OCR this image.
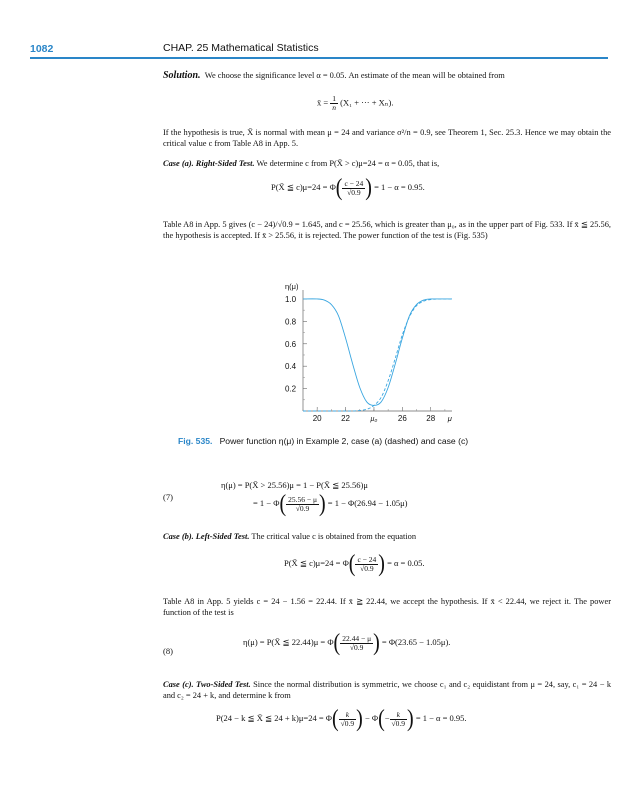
1082	CHAP. 25 Mathematical Statistics
Solution. We choose the significance level α = 0.05. An estimate of the mean will be obtained from
x̄ = $\frac{1}{n} (X_1$ + ··· + Xₙ).
If the hypothesis is true, X̄ is normal with mean μ = 24 and variance σ²/n = 0.9, see Theorem 1, Sec. 25.3. Hence we may obtain the critical value c from Table A8 in App. 5.
Case (a). Right-Sided Test. We determine c from P(X̄ > c)μ=24 = α = 0.05, that is,
P(X̄ ≦ $c)\mu=24 = \Phi( \frac{c - 24}{√0.9}$ ) = 1 − α = 0.95.
Table A8 in App. 5 gives (c − 24)/√0.9 = 1.645, and c = 25.56, which is greater than μ₀, as in the upper part of Fig. 533. If x̄ ≦ 25.56, the hypothesis is accepted. If x̄ > 25.56, it is rejected. The power function of the test is (Fig. 535)
1.0
0.8
0.6
0.4
0.2
η(μ)
20 22	26 28
μ₀	μ
Fig. 535. Power function η(μ) in Example 2, case (a) (dashed) and case (c)
(7)
η(μ) = P(X̄ > 25.56)μ = 1 − P(X̄ ≦ 25.56)μ
= $1 - \Phi( \frac{25.56 - \mu}{√0.9}$ ) = 1 − Φ(26.94 − 1.05μ)
Case (b). Left-Sided Test. The critical value c is obtained from the equation
P(X̄ ≦ $c)\mu=24 = \Phi( \frac{c - 24}{√0.9}$ ) = α = 0.05.
Table A8 in App. 5 yields c = 24 − 1.56 = 22.44. If x̄ ≧ 22.44, we accept the hypothesis. If x̄ < 22.44, we reject it. The power function of the test is
(8)
η(μ) = P(X̄ ≦ $22.44)\mu = \Phi( \frac{22.44 - \mu}{√0.9}$ ) = Φ(23.65 − 1.05μ).
Case (c). Two-Sided Test. Since the normal distribution is symmetric, we choose c₁ and c₂ equidistant from μ = 24, say, c₁ = 24 − k and c₂ = 24 + k, and determine k from
P(24 − k ≦ X̄ ≦ $24 + k)\mu=24 = \Phi( \frac{k}{√0.9}$ ) − $\Phi(- \frac{k}{√0.9}$ ) = 1 − α = 0.95.
